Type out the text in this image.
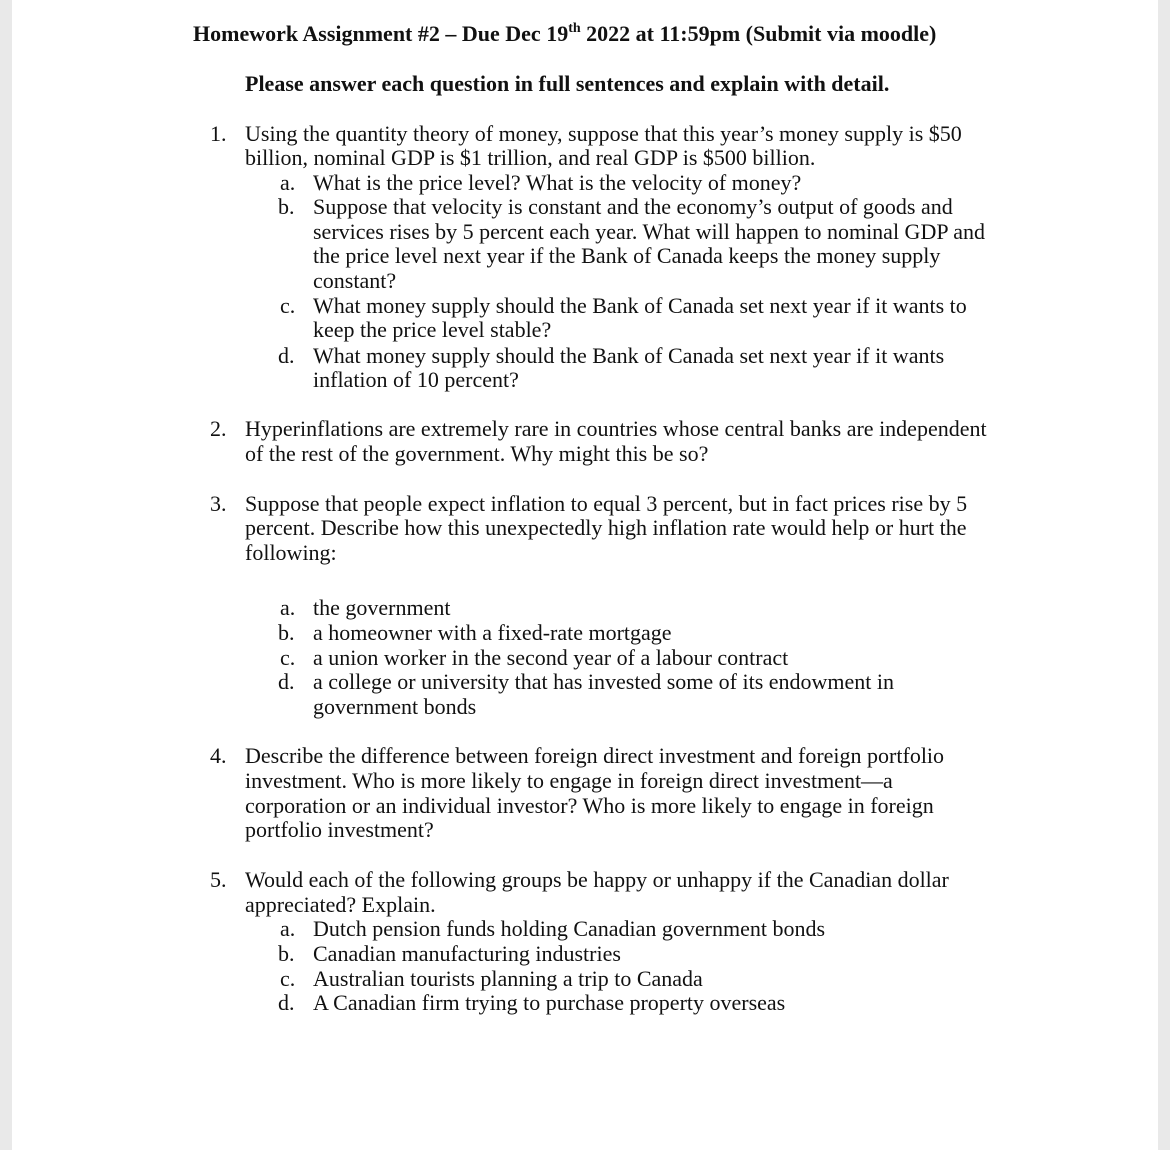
Homework Assignment #2 – Due Dec 19th 2022 at 11:59pm (Submit via moodle)
Please answer each question in full sentences and explain with detail.
1. Using the quantity theory of money, suppose that this year’s money supply is $50
billion, nominal GDP is $1 trillion, and real GDP is $500 billion.
a. What is the price level? What is the velocity of money?
b. Suppose that velocity is constant and the economy’s output of goods and
services rises by 5 percent each year. What will happen to nominal GDP and
the price level next year if the Bank of Canada keeps the money supply
constant?
c. What money supply should the Bank of Canada set next year if it wants to
keep the price level stable?
d. What money supply should the Bank of Canada set next year if it wants
inflation of 10 percent?
2. Hyperinflations are extremely rare in countries whose central banks are independent
of the rest of the government. Why might this be so?
3. Suppose that people expect inflation to equal 3 percent, but in fact prices rise by 5
percent. Describe how this unexpectedly high inflation rate would help or hurt the
following:
a. the government
b. a homeowner with a fixed-rate mortgage
c. a union worker in the second year of a labour contract
d. a college or university that has invested some of its endowment in
government bonds
4. Describe the difference between foreign direct investment and foreign portfolio
investment. Who is more likely to engage in foreign direct investment—a
corporation or an individual investor? Who is more likely to engage in foreign
portfolio investment?
5. Would each of the following groups be happy or unhappy if the Canadian dollar
appreciated? Explain.
a. Dutch pension funds holding Canadian government bonds
b. Canadian manufacturing industries
c. Australian tourists planning a trip to Canada
d. A Canadian firm trying to purchase property overseas
